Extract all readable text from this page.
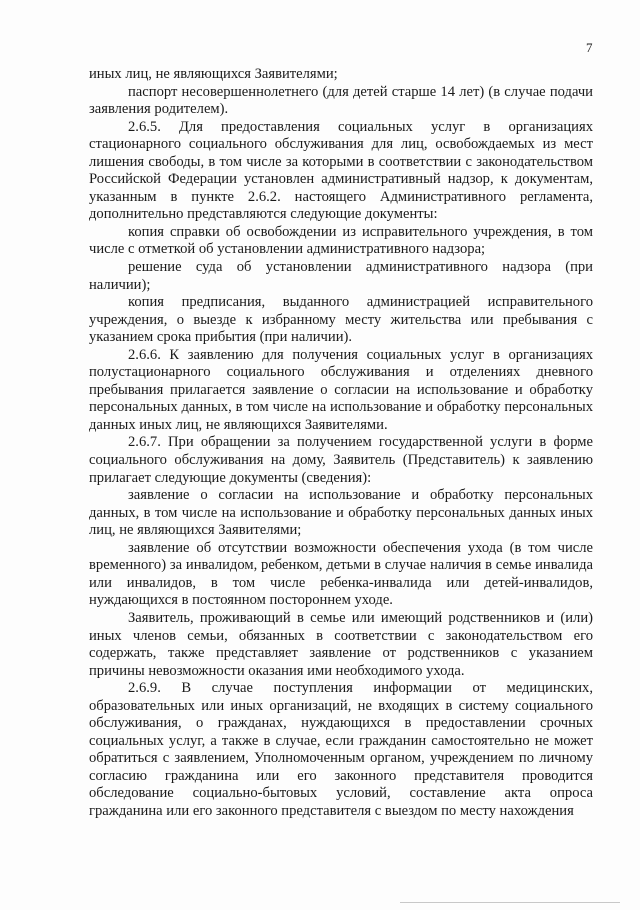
7

иных лиц, не являющихся Заявителями;

паспорт несовершеннолетнего (для детей старше 14 лет) (в случае подачи заявления родителем).

2.6.5. Для предоставления социальных услуг в организациях стационарного социального обслуживания для лиц, освобождаемых из мест лишения свободы, в том числе за которыми в соответствии с законодательством Российской Федерации установлен административный надзор, к документам, указанным в пункте 2.6.2. настоящего Административного регламента, дополнительно представляются следующие документы:

копия справки об освобождении из исправительного учреждения, в том числе с отметкой об установлении административного надзора;

решение суда об установлении административного надзора (при наличии);

копия предписания, выданного администрацией исправительного учреждения, о выезде к избранному месту жительства или пребывания с указанием срока прибытия (при наличии).

2.6.6. К заявлению для получения социальных услуг в организациях полустационарного социального обслуживания и отделениях дневного пребывания прилагается заявление о согласии на использование и обработку персональных данных, в том числе на использование и обработку персональных данных иных лиц, не являющихся Заявителями.

2.6.7. При обращении за получением государственной услуги в форме социального обслуживания на дому, Заявитель (Представитель) к заявлению прилагает следующие документы (сведения):

заявление о согласии на использование и обработку персональных данных, в том числе на использование и обработку персональных данных иных лиц, не являющихся Заявителями;

заявление об отсутствии возможности обеспечения ухода (в том числе временного) за инвалидом, ребенком, детьми в случае наличия в семье инвалида или инвалидов, в том числе ребенка-инвалида или детей-инвалидов, нуждающихся в постоянном постороннем уходе.

Заявитель, проживающий в семье или имеющий родственников и (или) иных членов семьи, обязанных в соответствии с законодательством его содержать, также представляет заявление от родственников с указанием причины невозможности оказания ими необходимого ухода.

2.6.9. В случае поступления информации от медицинских, образовательных или иных организаций, не входящих в систему социального обслуживания, о гражданах, нуждающихся в предоставлении срочных социальных услуг, а также в случае, если гражданин самостоятельно не может обратиться с заявлением, Уполномоченным органом, учреждением по личному согласию гражданина или его законного представителя проводится обследование социально-бытовых условий, составление акта опроса гражданина или его законного представителя с выездом по месту нахождения
